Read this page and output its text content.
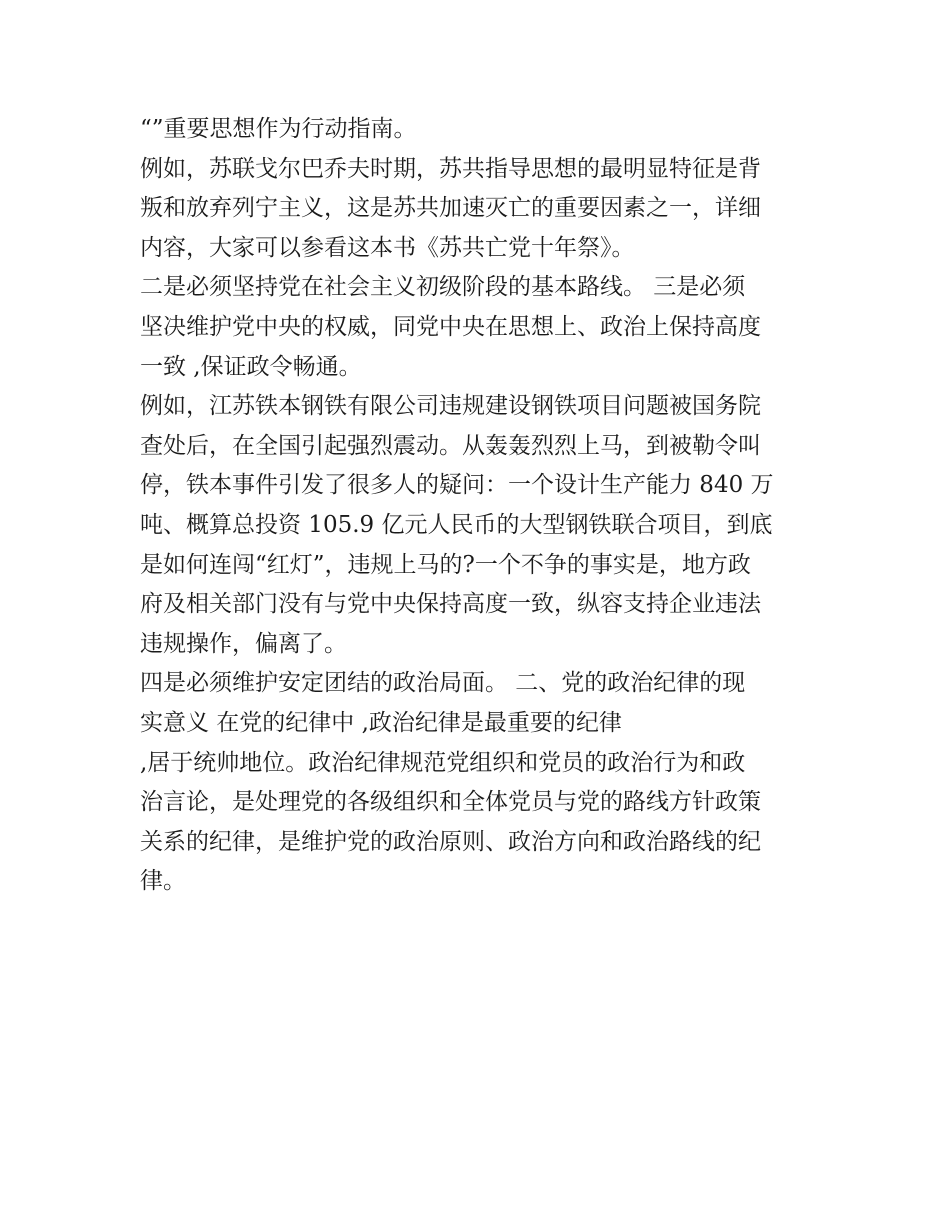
“”重要思想作为行动指南。
例如，苏联戈尔巴乔夫时期，苏共指导思想的最明显特征是背
叛和放弃列宁主义，这是苏共加速灭亡的重要因素之一，详细
内容，大家可以参看这本书《苏共亡党十年祭》。
二是必须坚持党在社会主义初级阶段的基本路线。 三是必须
坚决维护党中央的权威，同党中央在思想上、政治上保持高度
一致 ,保证政令畅通。
例如，江苏铁本钢铁有限公司违规建设钢铁项目问题被国务院
查处后，在全国引起强烈震动。从轰轰烈烈上马，到被勒令叫
停，铁本事件引发了很多人的疑问：一个设计生产能力 840 万
吨、概算总投资 105.9 亿元人民币的大型钢铁联合项目，到底
是如何连闯“红灯”，违规上马的?一个不争的事实是，地方政
府及相关部门没有与党中央保持高度一致，纵容支持企业违法
违规操作，偏离了。
四是必须维护安定团结的政治局面。 二、党的政治纪律的现
实意义 在党的纪律中 ,政治纪律是最重要的纪律
,居于统帅地位。政治纪律规范党组织和党员的政治行为和政
治言论，是处理党的各级组织和全体党员与党的路线方针政策
关系的纪律，是维护党的政治原则、政治方向和政治路线的纪
律。
